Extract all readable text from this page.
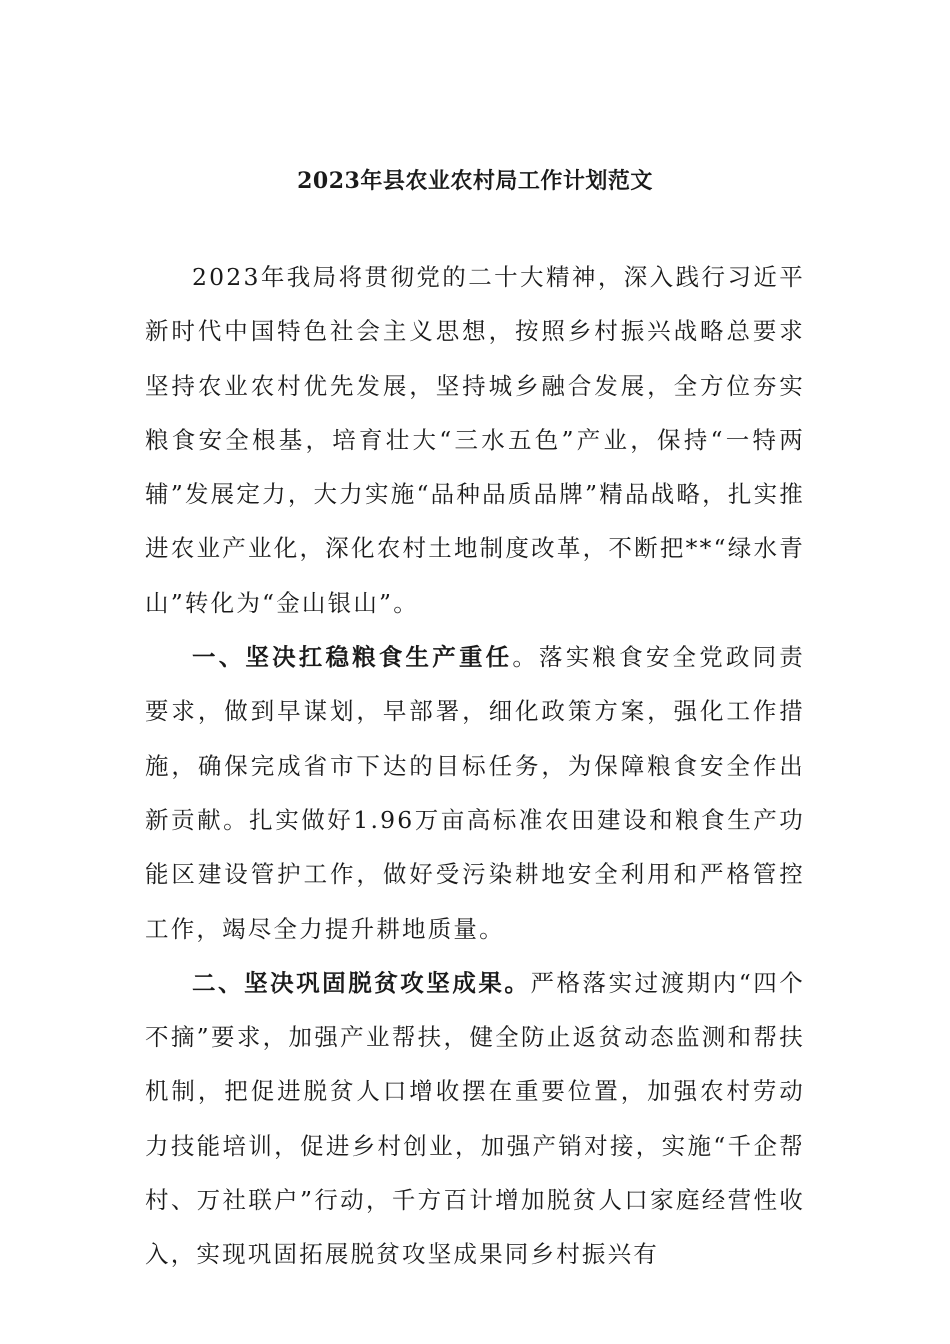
2023年县农业农村局工作计划范文

2023年我局将贯彻党的二十大精神，深入践行习近平新时代中国特色社会主义思想，按照乡村振兴战略总要求坚持农业农村优先发展，坚持城乡融合发展，全方位夯实粮食安全根基，培育壮大“三水五色”产业，保持“一特两辅”发展定力，大力实施“品种品质品牌”精品战略，扎实推进农业产业化，深化农村土地制度改革，不断把**“绿水青山”转化为“金山银山”。

一、坚决扛稳粮食生产重任。落实粮食安全党政同责要求，做到早谋划，早部署，细化政策方案，强化工作措施，确保完成省市下达的目标任务，为保障粮食安全作出新贡献。扎实做好1.96万亩高标准农田建设和粮食生产功能区建设管护工作，做好受污染耕地安全利用和严格管控工作，竭尽全力提升耕地质量。

二、坚决巩固脱贫攻坚成果。严格落实过渡期内“四个不摘”要求，加强产业帮扶，健全防止返贫动态监测和帮扶机制，把促进脱贫人口增收摆在重要位置，加强农村劳动力技能培训，促进乡村创业，加强产销对接，实施“千企帮村、万社联户”行动，千方百计增加脱贫人口家庭经营性收入，实现巩固拓展脱贫攻坚成果同乡村振兴有
